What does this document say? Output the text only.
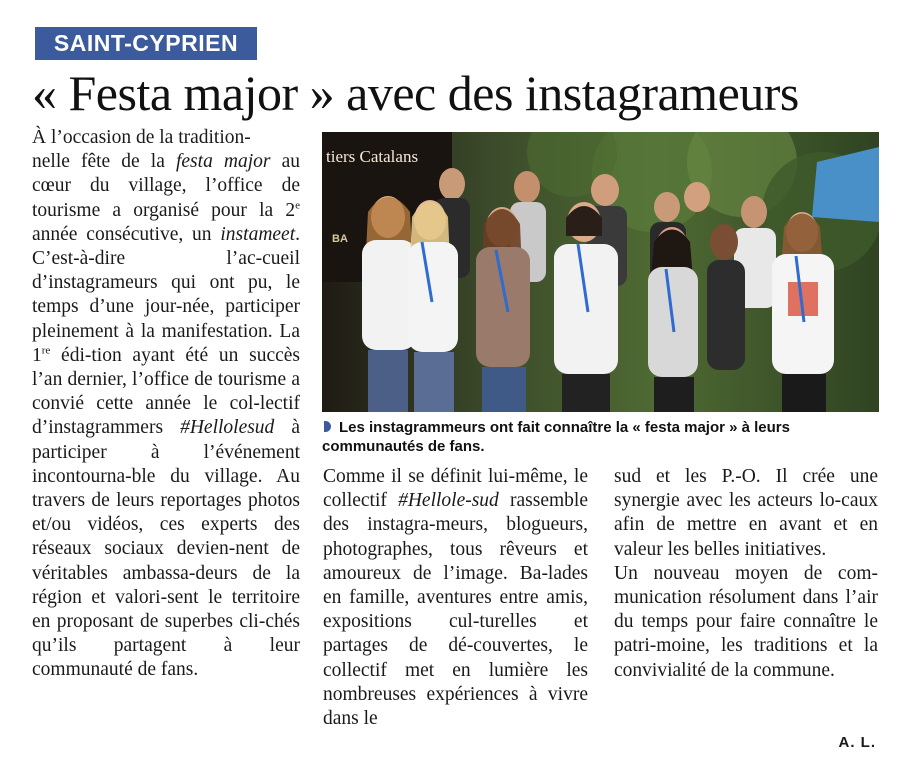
SAINT-CYPRIEN
« Festa major » avec des instagrameurs

À l’occasion de la tradition-
nelle fête de la festa major au cœur du village, l’office de tourisme a organisé pour la 2e année consécutive, un instameet. C’est-à-dire l’ac-cueil d’instagrameurs qui ont pu, le temps d’une jour-née, participer pleinement à la manifestation. La 1re édi-tion ayant été un succès l’an dernier, l’office de tourisme a convié cette année le col-lectif d’instagrammers #Hellolesud à participer à l’événement incontourna-ble du village. Au travers de leurs reportages photos et/ou vidéos, ces experts des réseaux sociaux devien-nent de véritables ambassa-deurs de la région et valori-sent le territoire en proposant de superbes cli-chés qu’ils partagent à leur communauté de fans.

tiers Catalans
BA
Les instagrammeurs ont fait connaître la « festa major » à leurs communautés de fans.

Comme il se définit lui-même, le collectif #Hellole-sud rassemble des instagra-meurs, blogueurs, photographes, tous rêveurs et amoureux de l’image. Ba-lades en famille, aventures entre amis, expositions cul-turelles et partages de dé-couvertes, le collectif met en lumière les nombreuses expériences à vivre dans le

sud et les P.-O. Il crée une synergie avec les acteurs lo-caux afin de mettre en avant et en valeur les belles initiatives.

Un nouveau moyen de com-munication résolument dans l’air du temps pour faire connaître le patri-moine, les traditions et la convivialité de la commune.

A. L.
